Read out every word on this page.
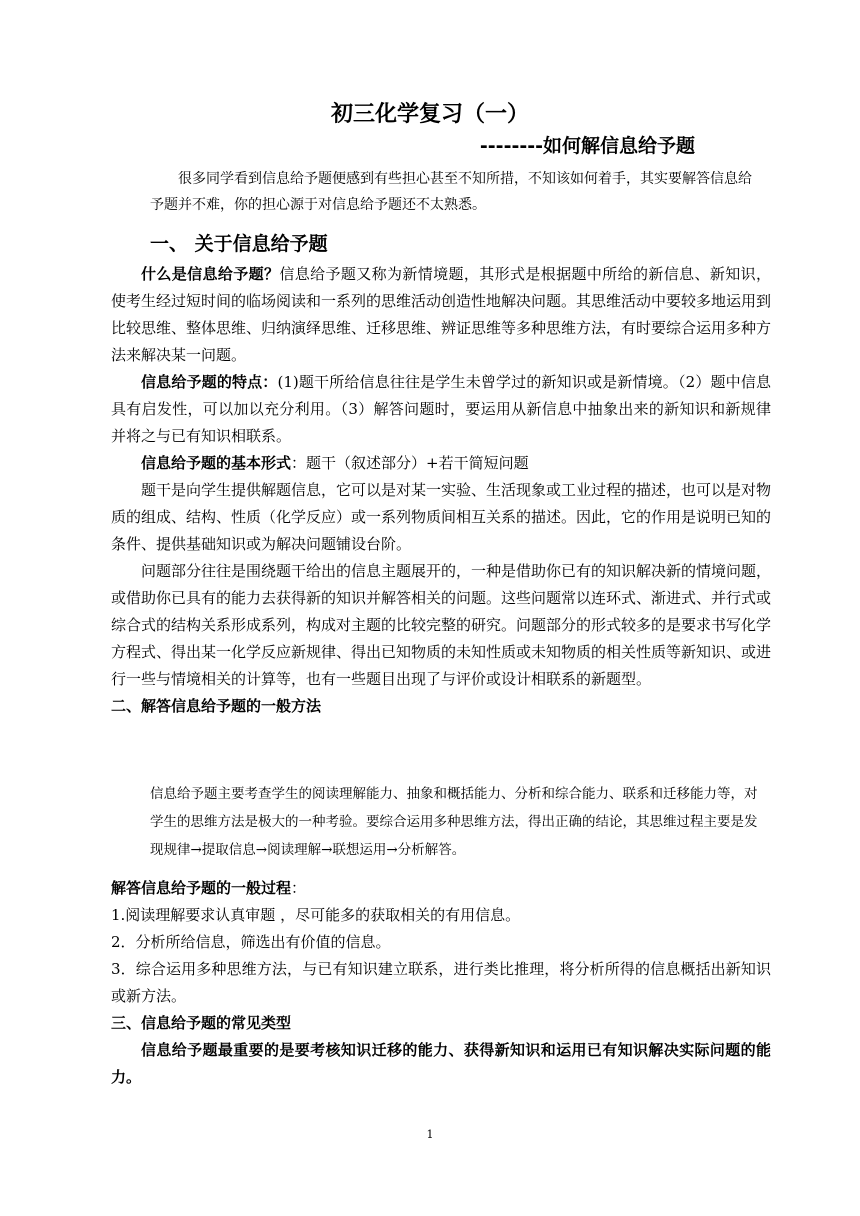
初三化学复习（一）
--------如何解信息给予题

很多同学看到信息给予题便感到有些担心甚至不知所措，不知该如何着手，其实要解答信息给予题并不难，你的担心源于对信息给予题还不太熟悉。

一、 关于信息给予题

什么是信息给予题？信息给予题又称为新情境题，其形式是根据题中所给的新信息、新知识，使考生经过短时间的临场阅读和一系列的思维活动创造性地解决问题。其思维活动中要较多地运用到比较思维、整体思维、归纳演绎思维、迁移思维、辨证思维等多种思维方法，有时要综合运用多种方法来解决某一问题。

信息给予题的特点：(1)题干所给信息往往是学生未曾学过的新知识或是新情境。（2）题中信息具有启发性，可以加以充分利用。（3）解答问题时，要运用从新信息中抽象出来的新知识和新规律并将之与已有知识相联系。

信息给予题的基本形式：题干（叙述部分）+若干简短问题

题干是向学生提供解题信息，它可以是对某一实验、生活现象或工业过程的描述，也可以是对物质的组成、结构、性质（化学反应）或一系列物质间相互关系的描述。因此，它的作用是说明已知的条件、提供基础知识或为解决问题铺设台阶。

问题部分往往是围绕题干给出的信息主题展开的，一种是借助你已有的知识解决新的情境问题，或借助你已具有的能力去获得新的知识并解答相关的问题。这些问题常以连环式、渐进式、并行式或综合式的结构关系形成系列，构成对主题的比较完整的研究。问题部分的形式较多的是要求书写化学方程式、得出某一化学反应新规律、得出已知物质的未知性质或未知物质的相关性质等新知识、或进行一些与情境相关的计算等，也有一些题目出现了与评价或设计相联系的新题型。

二、解答信息给予题的一般方法

信息给予题主要考查学生的阅读理解能力、抽象和概括能力、分析和综合能力、联系和迁移能力等，对学生的思维方法是极大的一种考验。要综合运用多种思维方法，得出正确的结论，其思维过程主要是发现规律→提取信息→阅读理解→联想运用→分析解答。

解答信息给予题的一般过程：

1.阅读理解要求认真审题 ，尽可能多的获取相关的有用信息。

2．分析所给信息，筛选出有价值的信息。

3．综合运用多种思维方法，与已有知识建立联系，进行类比推理，将分析所得的信息概括出新知识或新方法。

三、信息给予题的常见类型

信息给予题最重要的是要考核知识迁移的能力、获得新知识和运用已有知识解决实际问题的能力。

1
